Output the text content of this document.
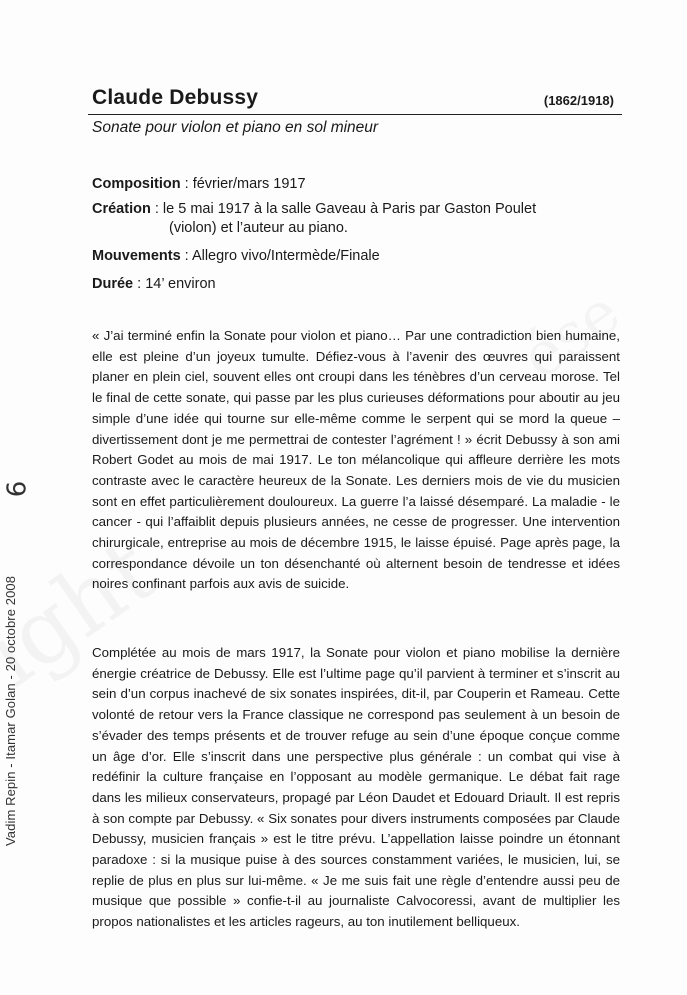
Claude Debussy	(1862/1918)
Sonate pour violon et piano en sol mineur
Composition : février/mars 1917
Création : le 5 mai 1917 à la salle Gaveau à Paris par Gaston Poulet
(violon) et l’auteur au piano.
Mouvements : Allegro vivo/Intermède/Finale
Durée : 14’ environ
« J’ai terminé enfin la Sonate pour violon et piano… Par une contradiction bien humaine, elle est pleine d’un joyeux tumulte. Défiez-vous à l’avenir des œuvres qui paraissent planer en plein ciel, souvent elles ont croupi dans les ténèbres d’un cerveau morose. Tel le final de cette sonate, qui passe par les plus curieuses déformations pour aboutir au jeu simple d’une idée qui tourne sur elle-même comme le serpent qui se mord la queue – divertissement dont je me permettrai de contester l’agrément ! » écrit Debussy à son ami Robert Godet au mois de mai 1917. Le ton mélancolique qui affleure derrière les mots contraste avec le caractère heureux de la Sonate. Les derniers mois de vie du musicien sont en effet particulièrement douloureux. La guerre l’a laissé désemparé. La maladie - le cancer - qui l’affaiblit depuis plusieurs années, ne cesse de progresser. Une intervention chirurgicale, entreprise au mois de décembre 1915, le laisse épuisé. Page après page, la correspondance dévoile un ton désenchanté où alternent besoin de tendresse et idées noires confinant parfois aux avis de suicide.
Complétée au mois de mars 1917, la Sonate pour violon et piano mobilise la dernière énergie créatrice de Debussy. Elle est l’ultime page qu’il parvient à terminer et s’inscrit au sein d’un corpus inachevé de six sonates inspirées, dit-il, par Couperin et Rameau. Cette volonté de retour vers la France classique ne correspond pas seulement à un besoin de s’évader des temps présents et de trouver refuge au sein d’une époque conçue comme un âge d’or. Elle s’inscrit dans une perspective plus générale : un combat qui vise à redéfinir la culture française en l’opposant au modèle germanique. Le débat fait rage dans les milieux conservateurs, propagé par Léon Daudet et Edouard Driault. Il est repris à son compte par Debussy. « Six sonates pour divers instruments composées par Claude Debussy, musicien français » est le titre prévu. L’appellation laisse poindre un étonnant paradoxe : si la musique puise à des sources constamment variées, le musicien, lui, se replie de plus en plus sur lui-même. « Je me suis fait une règle d’entendre aussi peu de musique que possible » confie-t-il au journaliste Calvocoressi, avant de multiplier les propos nationalistes et les articles rageurs, au ton inutilement belliqueux.
6
Vadim Repin - Itamar Golan - 20 octobre 2008
